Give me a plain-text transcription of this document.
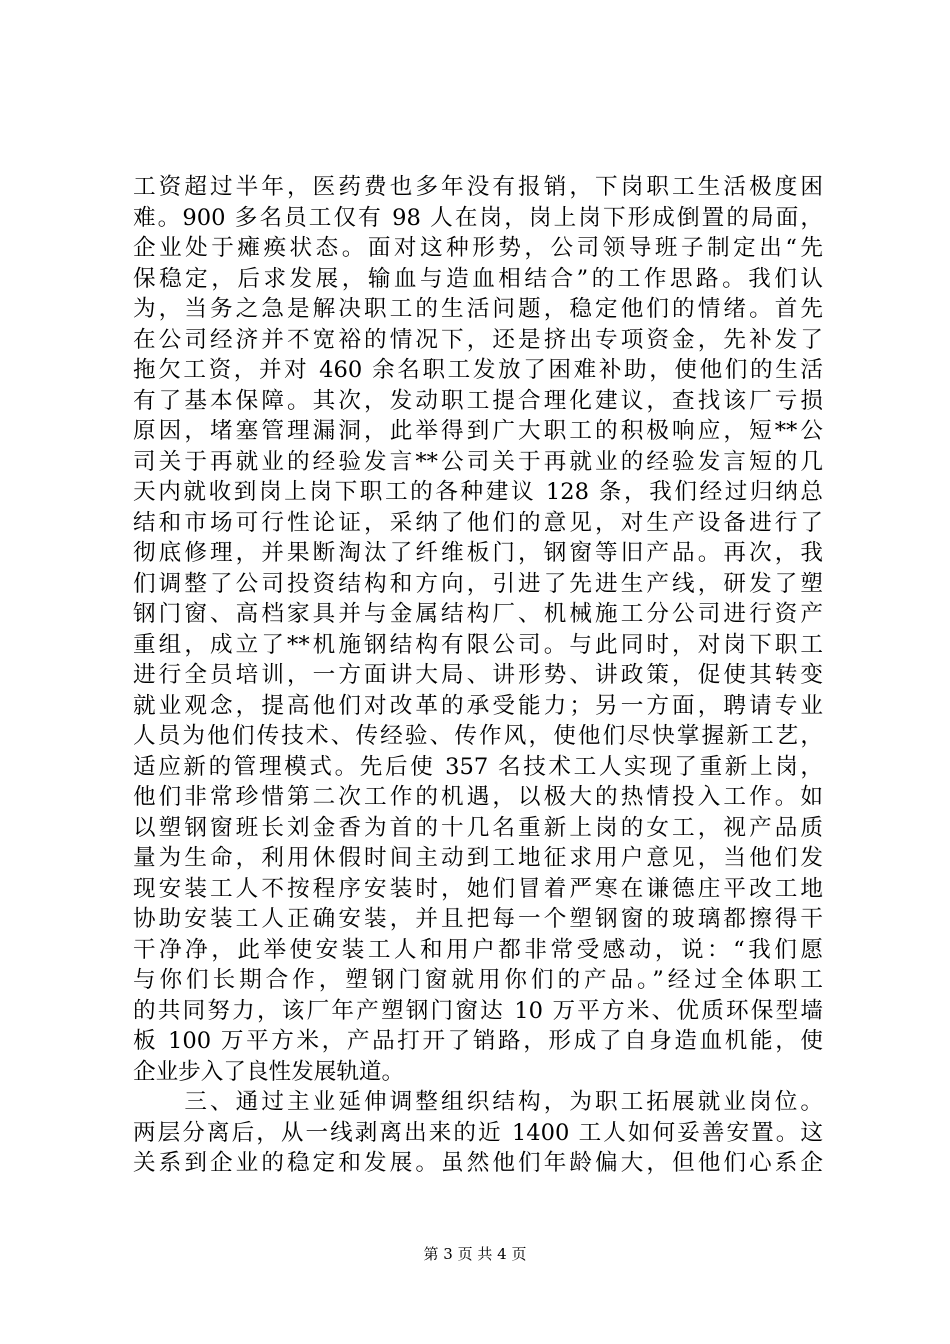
工资超过半年，医药费也多年没有报销，下岗职工生活极度困
难。900 多名员工仅有 98 人在岗，岗上岗下形成倒置的局面，
企业处于瘫痪状态。面对这种形势，公司领导班子制定出“先
保稳定，后求发展，输血与造血相结合”的工作思路。我们认
为，当务之急是解决职工的生活问题，稳定他们的情绪。首先
在公司经济并不宽裕的情况下，还是挤出专项资金，先补发了
拖欠工资，并对 460 余名职工发放了困难补助，使他们的生活
有了基本保障。其次，发动职工提合理化建议，查找该厂亏损
原因，堵塞管理漏洞，此举得到广大职工的积极响应，短**公
司关于再就业的经验发言**公司关于再就业的经验发言短的几
天内就收到岗上岗下职工的各种建议 128 条，我们经过归纳总
结和市场可行性论证，采纳了他们的意见，对生产设备进行了
彻底修理，并果断淘汰了纤维板门，钢窗等旧产品。再次，我
们调整了公司投资结构和方向，引进了先进生产线，研发了塑
钢门窗、高档家具并与金属结构厂、机械施工分公司进行资产
重组，成立了**机施钢结构有限公司。与此同时，对岗下职工
进行全员培训，一方面讲大局、讲形势、讲政策，促使其转变
就业观念，提高他们对改革的承受能力；另一方面，聘请专业
人员为他们传技术、传经验、传作风，使他们尽快掌握新工艺，
适应新的管理模式。先后使 357 名技术工人实现了重新上岗，
他们非常珍惜第二次工作的机遇，以极大的热情投入工作。如
以塑钢窗班长刘金香为首的十几名重新上岗的女工，视产品质
量为生命，利用休假时间主动到工地征求用户意见，当他们发
现安装工人不按程序安装时，她们冒着严寒在谦德庄平改工地
协助安装工人正确安装，并且把每一个塑钢窗的玻璃都擦得干
干净净，此举使安装工人和用户都非常受感动，说：“我们愿
与你们长期合作，塑钢门窗就用你们的产品。”经过全体职工
的共同努力，该厂年产塑钢门窗达 10 万平方米、优质环保型墙
板 100 万平方米，产品打开了销路，形成了自身造血机能，使
企业步入了良性发展轨道。
　　三、通过主业延伸调整组织结构，为职工拓展就业岗位。
两层分离后，从一线剥离出来的近 1400 工人如何妥善安置。这
关系到企业的稳定和发展。虽然他们年龄偏大，但他们心系企
第 3 页 共 4 页
